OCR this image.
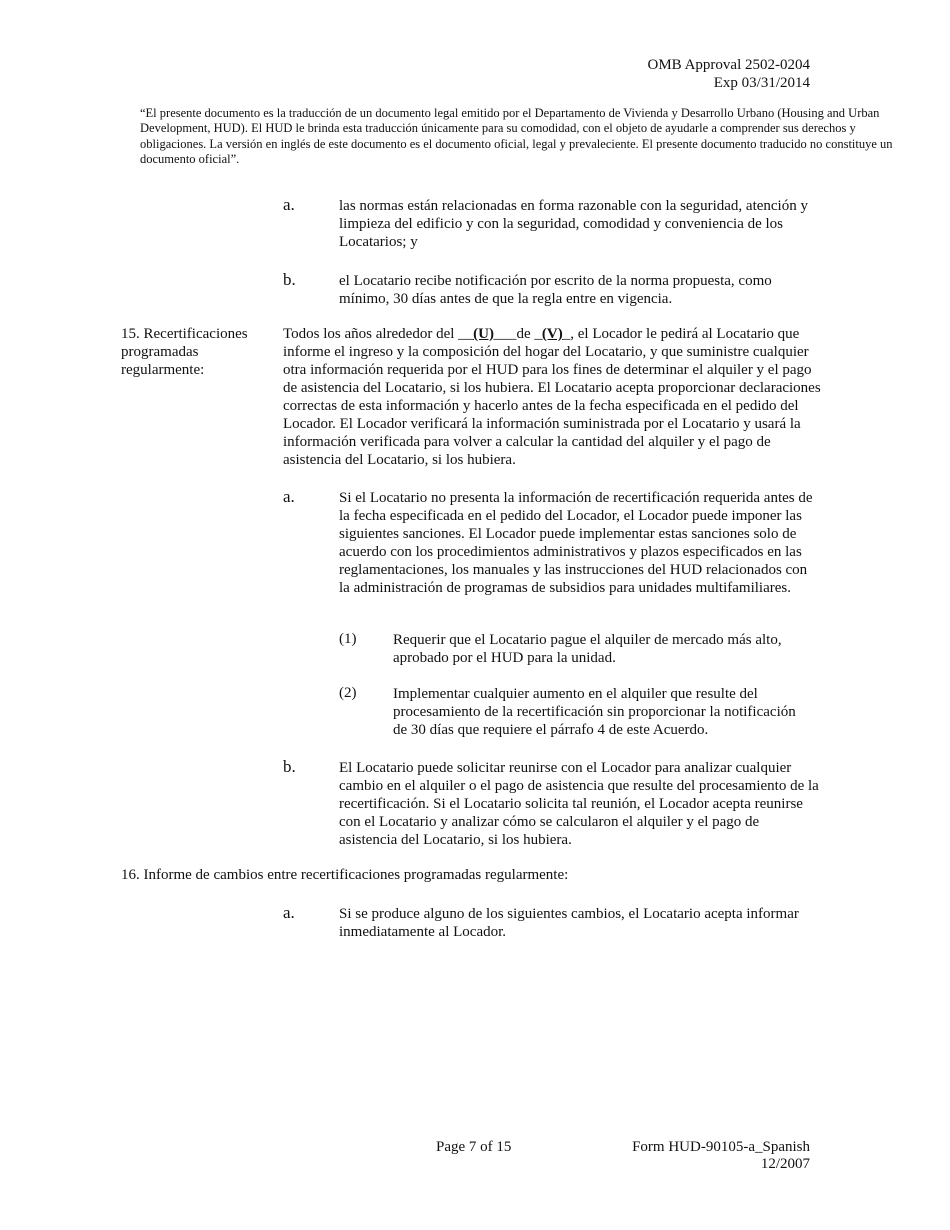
OMB Approval 2502-0204
Exp 03/31/2014
“El presente documento es la traducción de un documento legal emitido por el Departamento de Vivienda y Desarrollo Urbano (Housing and Urban Development, HUD). El HUD le brinda esta traducción únicamente para su comodidad, con el objeto de ayudarle a comprender sus derechos y obligaciones. La versión en inglés de este documento es el documento oficial, legal y prevaleciente. El presente documento traducido no constituye un documento oficial”.
a.	las normas están relacionadas en forma razonable con la seguridad, atención y limpieza del edificio y con la seguridad, comodidad y conveniencia de los Locatarios; y
b.	el Locatario recibe notificación por escrito de la norma propuesta, como mínimo, 30 días antes de que la regla entre en vigencia.
15. Recertificaciones programadas regularmente:
Todos los años alrededor del __(U)___de _(V)_, el Locador le pedirá al Locatario que informe el ingreso y la composición del hogar del Locatario, y que suministre cualquier otra información requerida por el HUD para los fines de determinar el alquiler y el pago de asistencia del Locatario, si los hubiera. El Locatario acepta proporcionar declaraciones correctas de esta información y hacerlo antes de la fecha especificada en el pedido del Locador. El Locador verificará la información suministrada por el Locatario y usará la información verificada para volver a calcular la cantidad del alquiler y el pago de asistencia del Locatario, si los hubiera.
a.	Si el Locatario no presenta la información de recertificación requerida antes de la fecha especificada en el pedido del Locador, el Locador puede imponer las siguientes sanciones. El Locador puede implementar estas sanciones solo de acuerdo con los procedimientos administrativos y plazos especificados en las reglamentaciones, los manuales y las instrucciones del HUD relacionados con la administración de programas de subsidios para unidades multifamiliares.
(1) Requerir que el Locatario pague el alquiler de mercado más alto, aprobado por el HUD para la unidad.
(2) Implementar cualquier aumento en el alquiler que resulte del procesamiento de la recertificación sin proporcionar la notificación de 30 días que requiere el párrafo 4 de este Acuerdo.
b.	El Locatario puede solicitar reunirse con el Locador para analizar cualquier cambio en el alquiler o el pago de asistencia que resulte del procesamiento de la recertificación. Si el Locatario solicita tal reunión, el Locador acepta reunirse con el Locatario y analizar cómo se calcularon el alquiler y el pago de asistencia del Locatario, si los hubiera.
16. Informe de cambios entre recertificaciones programadas regularmente:
a.	Si se produce alguno de los siguientes cambios, el Locatario acepta informar inmediatamente al Locador.
Page 7 of 15	Form HUD-90105-a_Spanish
12/2007
